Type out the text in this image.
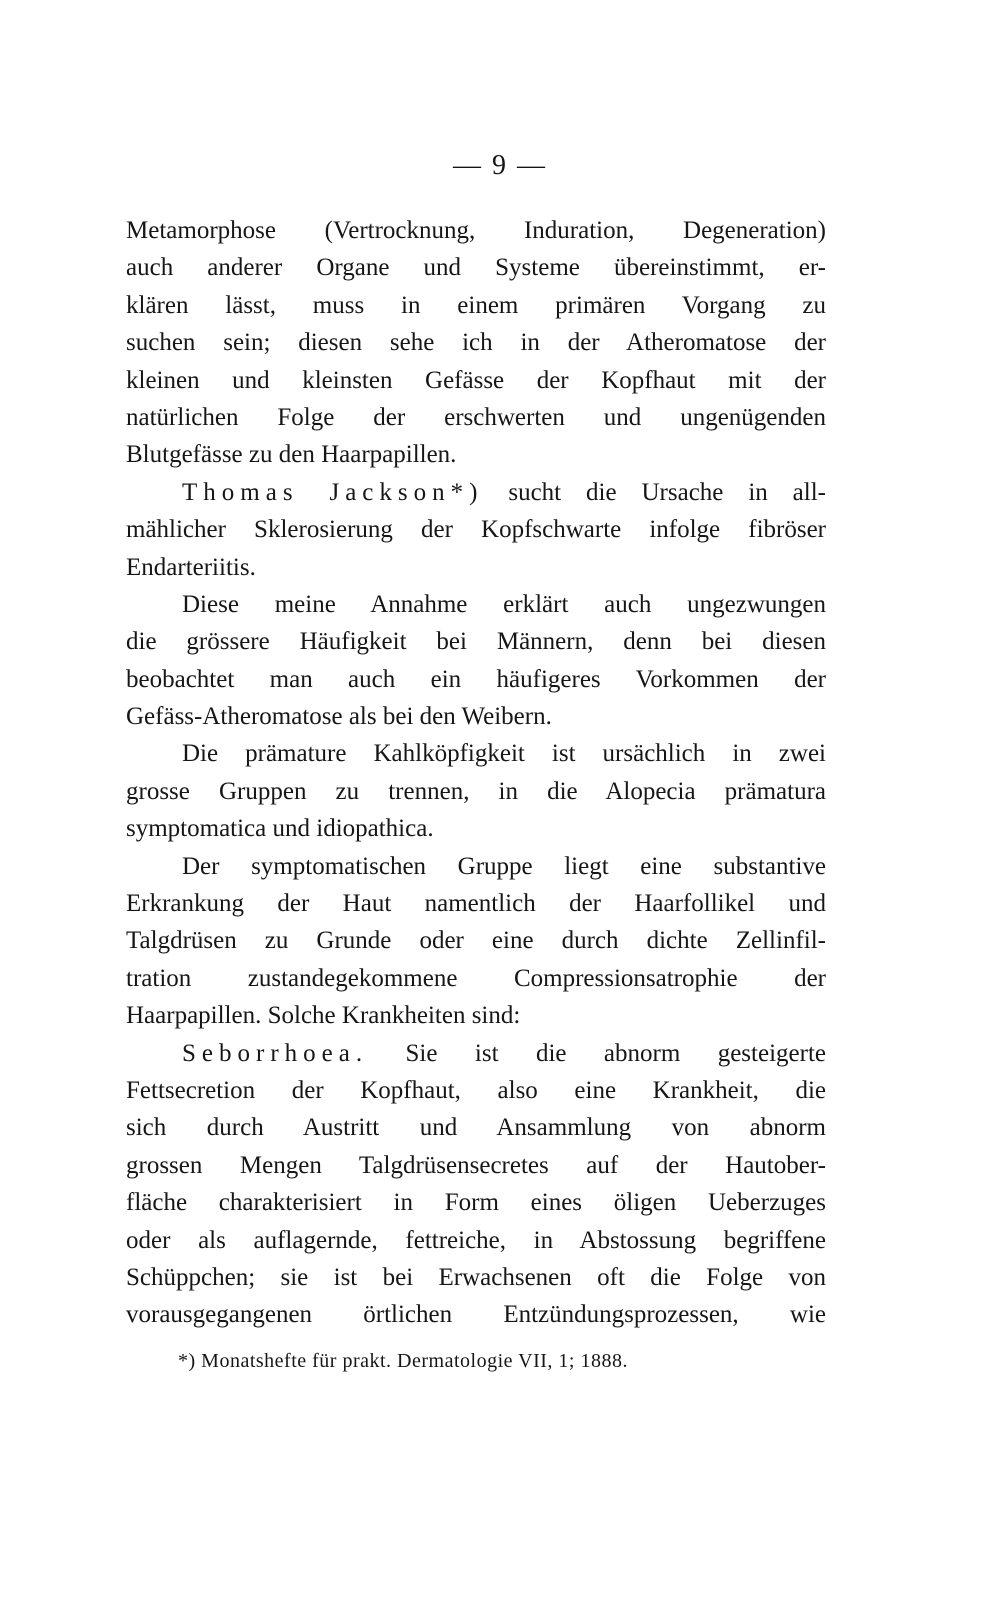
— 9 —
Metamorphose (Vertrocknung, Induration, Degeneration)
auch anderer Organe und Systeme übereinstimmt, er-
klären lässt, muss in einem primären Vorgang zu
suchen sein; diesen sehe ich in der Atheromatose der
kleinen und kleinsten Gefässe der Kopfhaut mit der
natürlichen Folge der erschwerten und ungenügenden
Blutgefässe zu den Haarpapillen.
Thomas Jackson*) sucht die Ursache in all-
mählicher Sklerosierung der Kopfschwarte infolge fibröser
Endarteriitis.
Diese meine Annahme erklärt auch ungezwungen
die grössere Häufigkeit bei Männern, denn bei diesen
beobachtet man auch ein häufigeres Vorkommen der
Gefäss-Atheromatose als bei den Weibern.
Die prämature Kahlköpfigkeit ist ursächlich in zwei
grosse Gruppen zu trennen, in die Alopecia prämatura
symptomatica und idiopathica.
Der symptomatischen Gruppe liegt eine substantive
Erkrankung der Haut namentlich der Haarfollikel und
Talgdrüsen zu Grunde oder eine durch dichte Zellinfil-
tration zustandegekommene Compressionsatrophie der
Haarpapillen. Solche Krankheiten sind:
Seborrhoea. Sie ist die abnorm gesteigerte
Fettsecretion der Kopfhaut, also eine Krankheit, die
sich durch Austritt und Ansammlung von abnorm
grossen Mengen Talgdrüsensecretes auf der Hautober-
fläche charakterisiert in Form eines öligen Ueberzuges
oder als auflagernde, fettreiche, in Abstossung begriffene
Schüppchen; sie ist bei Erwachsenen oft die Folge von
vorausgegangenen örtlichen Entzündungsprozessen, wie
*) Monatshefte für prakt. Dermatologie VII, 1; 1888.
